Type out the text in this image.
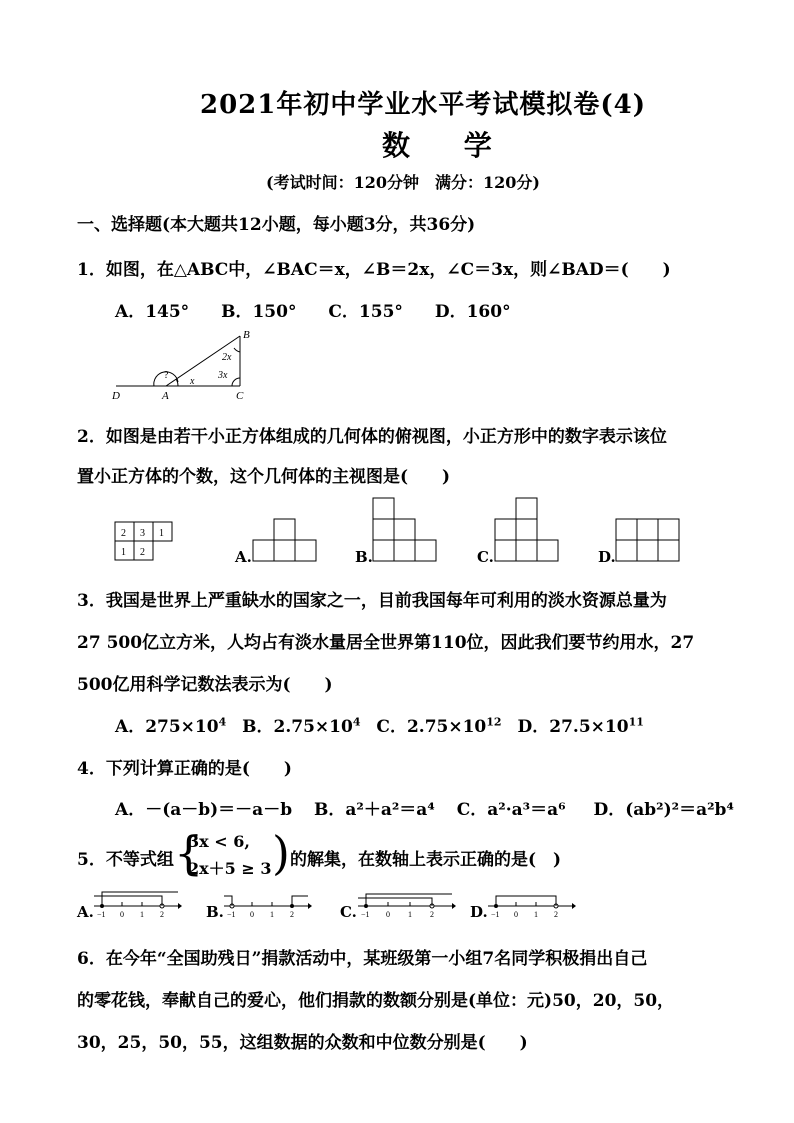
2021年初中学业水平考试模拟卷(4)
数 学
(考试时间：120分钟　满分：120分)
一、选择题(本大题共12小题，每小题3分，共36分)
1．如图，在△ABC中，∠BAC＝x，∠B＝2x，∠C＝3x，则∠BAD＝(　　)
A．145° B．150° C．155° D．160°
B
A	C
D
?
x
2x
3x
2．如图是由若干小正方体组成的几何体的俯视图，小正方形中的数字表示该位
置小正方体的个数，这个几何体的主视图是(　　)
2 3 1
1 2	A.	B.	C.	D.
3．我国是世界上严重缺水的国家之一，目前我国每年可利用的淡水资源总量为
27 500亿立方米，人均占有淡水量居全世界第110位，因此我们要节约用水，27
500亿用科学记数法表示为(　　)
A．$275\times 10^4$ B．$2.75\times 10^4$ C．$2.75\times 10^{12}$ D．$27.5\times 10^{11}$
4．下列计算正确的是(　　)
A．－(a－b)＝－a－b B．a²＋a²＝a⁴ C．a²·a³＝a⁶ D．(ab²)²＝a²b⁴
5．不等式组 {
3x < 6,
2x＋5 ≥ 3 ) 的解集，在数轴上表示正确的是(　)
A. −1 0 1 2	B. −1 0 1 2	C. −1 0 1 2 D. −1 0 1 2
6．在今年“全国助残日”捐款活动中，某班级第一小组7名同学积极捐出自己
的零花钱，奉献自己的爱心，他们捐款的数额分别是(单位：元)50，20，50，
30，25，50，55，这组数据的众数和中位数分别是(　　)
